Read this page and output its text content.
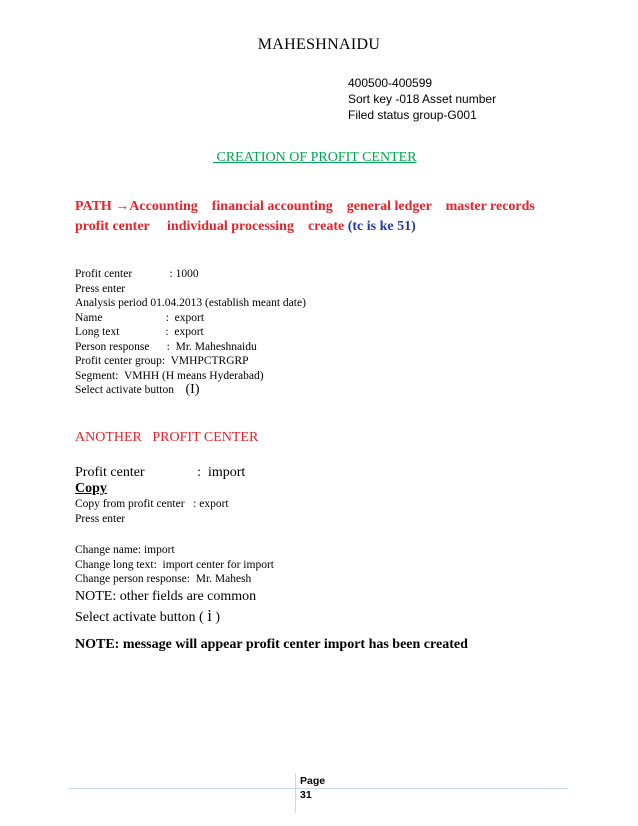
MAHESHNAIDU
400500-400599
Sort key -018 Asset number
Filed status group-G001
CREATION OF PROFIT CENTER
PATH →Accounting    financial accounting    general ledger    master records
profit center     individual processing    create (tc is ke 51)
Profit center             : 1000
Press enter
Analysis period 01.04.2013 (establish meant date)
Name                      :  export
Long text                :  export
Person response      :  Mr. Maheshnaidu
Profit center group:  VMHPCTRGRP
Segment:  VMHH (H means Hyderabad)
Select activate button    (I)
ANOTHER   PROFIT CENTER
Profit center               :  import
Copy
Copy from profit center   : export
Press enter
Change name: import
Change long text:  import center for import
Change person response:  Mr. Mahesh
NOTE: other fields are common
Select activate button ( i )
NOTE: message will appear profit center import has been created
Page
31
